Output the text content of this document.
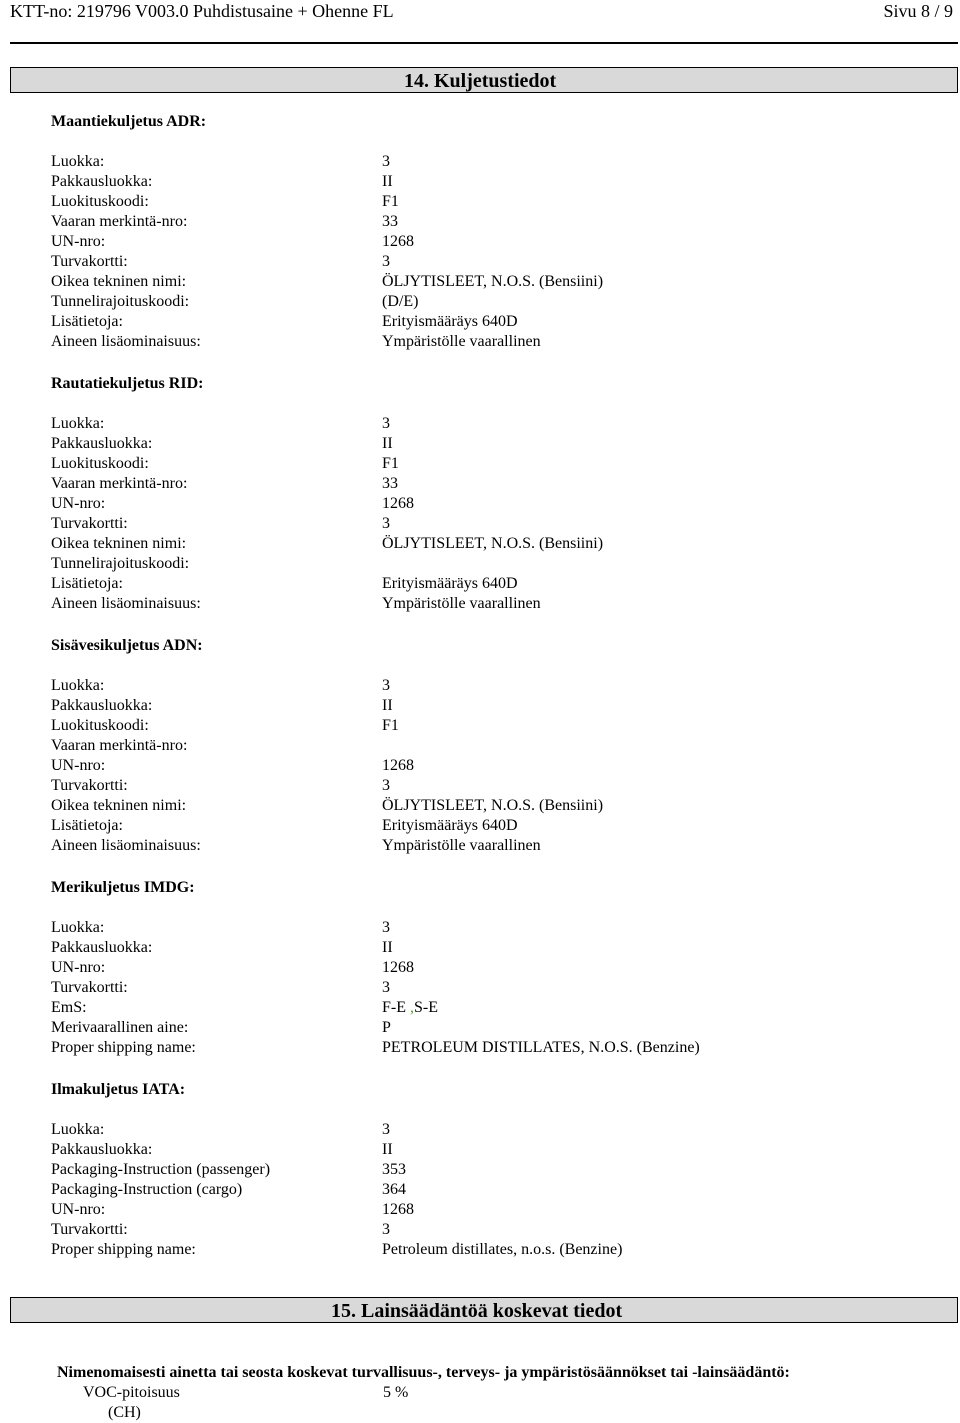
KTT-no: 219796 V003.0 Puhdistusaine + Ohenne FL	Sivu 8 / 9
14. Kuljetustiedot
Maantiekuljetus ADR:
Luokka:	3
Pakkausluokka:	II
Luokituskoodi:	F1
Vaaran merkintä-nro:	33
UN-nro:	1268
Turvakortti:	3
Oikea tekninen nimi:	ÖLJYTISLEET, N.O.S. (Bensiini)
Tunnelirajoituskoodi:	(D/E)
Lisätietoja:	Erityismääräys 640D
Aineen lisäominaisuus:	Ympäristölle vaarallinen
Rautatiekuljetus RID:
Luokka:	3
Pakkausluokka:	II
Luokituskoodi:	F1
Vaaran merkintä-nro:	33
UN-nro:	1268
Turvakortti:	3
Oikea tekninen nimi:	ÖLJYTISLEET, N.O.S. (Bensiini)
Tunnelirajoituskoodi:
Lisätietoja:	Erityismääräys 640D
Aineen lisäominaisuus:	Ympäristölle vaarallinen
Sisävesikuljetus ADN:
Luokka:	3
Pakkausluokka:	II
Luokituskoodi:	F1
Vaaran merkintä-nro:
UN-nro:	1268
Turvakortti:	3
Oikea tekninen nimi:	ÖLJYTISLEET, N.O.S. (Bensiini)
Lisätietoja:	Erityismääräys 640D
Aineen lisäominaisuus:	Ympäristölle vaarallinen
Merikuljetus IMDG:
Luokka:	3
Pakkausluokka:	II
UN-nro:	1268
Turvakortti:	3
EmS:	F-E ,S-E
Merivaarallinen aine:	P
Proper shipping name:	PETROLEUM DISTILLATES, N.O.S. (Benzine)
Ilmakuljetus IATA:
Luokka:	3
Pakkausluokka:	II
Packaging-Instruction (passenger)	353
Packaging-Instruction (cargo)	364
UN-nro:	1268
Turvakortti:	3
Proper shipping name:	Petroleum distillates, n.o.s. (Benzine)
15. Lainsäädäntöä koskevat tiedot
Nimenomaisesti ainetta tai seosta koskevat turvallisuus-, terveys- ja ympäristösäännökset tai -lainsäädäntö:
VOC-pitoisuus	5 %
(CH)
